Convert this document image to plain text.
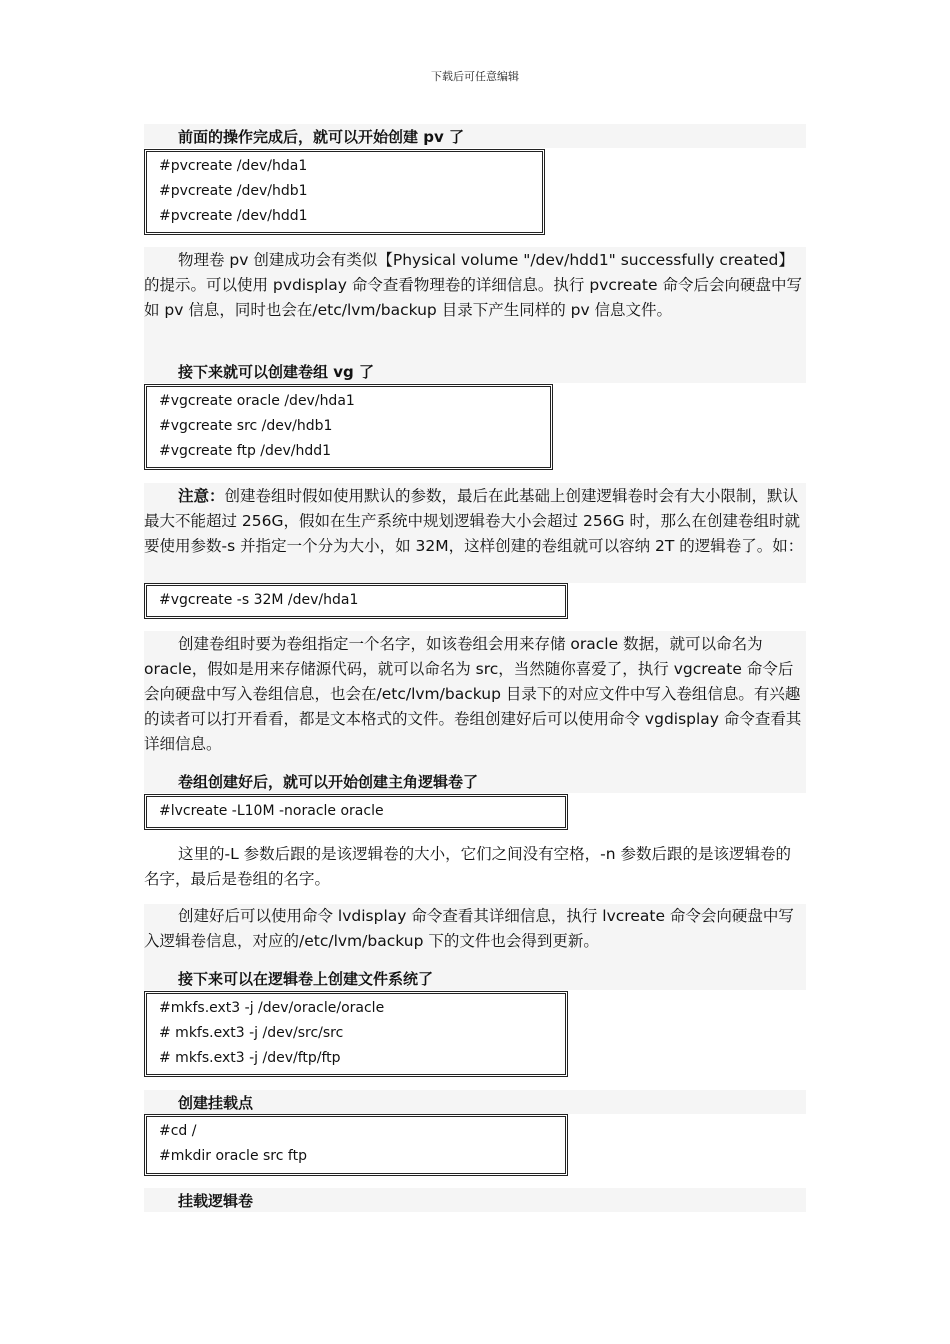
下载后可任意编辑
前面的操作完成后，就可以开始创建 pv 了
#pvcreate /dev/hda1
#pvcreate /dev/hdb1
#pvcreate /dev/hdd1
物理卷 pv 创建成功会有类似【Physical volume "/dev/hdd1" successfully created】的提示。可以使用 pvdisplay 命令查看物理卷的详细信息。执行 pvcreate 命令后会向硬盘中写如 pv 信息，同时也会在/etc/lvm/backup 目录下产生同样的 pv 信息文件。
接下来就可以创建卷组 vg 了
#vgcreate oracle /dev/hda1
#vgcreate src /dev/hdb1
#vgcreate ftp /dev/hdd1
注意：创建卷组时假如使用默认的参数，最后在此基础上创建逻辑卷时会有大小限制，默认最大不能超过 256G，假如在生产系统中规划逻辑卷大小会超过 256G 时，那么在创建卷组时就要使用参数-s 并指定一个分为大小，如 32M，这样创建的卷组就可以容纳 2T 的逻辑卷了。如：
#vgcreate -s 32M /dev/hda1
创建卷组时要为卷组指定一个名字，如该卷组会用来存储 oracle 数据，就可以命名为 oracle，假如是用来存储源代码，就可以命名为 src，当然随你喜爱了，执行 vgcreate 命令后会向硬盘中写入卷组信息，也会在/etc/lvm/backup 目录下的对应文件中写入卷组信息。有兴趣的读者可以打开看看，都是文本格式的文件。卷组创建好后可以使用命令 vgdisplay 命令查看其详细信息。
卷组创建好后，就可以开始创建主角逻辑卷了
#lvcreate -L10M -noracle oracle
这里的-L 参数后跟的是该逻辑卷的大小，它们之间没有空格，-n 参数后跟的是该逻辑卷的名字，最后是卷组的名字。
创建好后可以使用命令 lvdisplay 命令查看其详细信息，执行 lvcreate 命令会向硬盘中写入逻辑卷信息，对应的/etc/lvm/backup 下的文件也会得到更新。
接下来可以在逻辑卷上创建文件系统了
#mkfs.ext3 -j /dev/oracle/oracle
# mkfs.ext3 -j /dev/src/src
# mkfs.ext3 -j /dev/ftp/ftp
创建挂载点
#cd /
#mkdir oracle src ftp
挂载逻辑卷
